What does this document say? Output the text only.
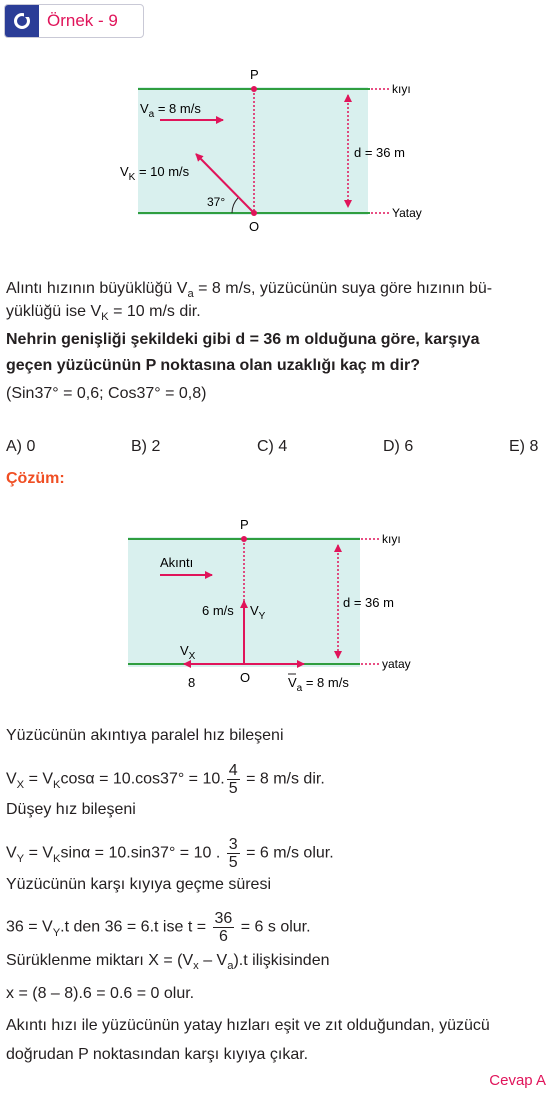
Örnek - 9
kıyı
Yatay
P
O
d = 36 m
$V_a = 8$ m/s
$V_K = 10$ m/s
37°
Alıntı hızının büyüklüğü $V_a = 8$ m/s, yüzücünün suya göre hızının bü-
yüklüğü ise $V_K = 10$ m/s dir.
Nehrin genişliği şekildeki gibi d = 36 m olduğuna göre, karşıya
geçen yüzücünün P noktasına olan uzaklığı kaç m dir?
(Sin37° = 0,6; Cos37° = 0,8)
A) 0	B) 2	C) 4	D) 6	E) 8
Çözüm:
kıyı
yatay
P
O
d = 36 m
Akıntı
6 m/s $V_Y$
$V_X$
8	$V_a = 8$ m/s
Yüzücünün akıntıya paralel hız bileşeni
$V_X = V_K\cos\alpha = 10.\cos 37^\circ = 10$. $\frac{4}{5} = 8$ m/s dir.
Düşey hız bileşeni
$V_Y = V_K\sin\alpha = 10.\sin 37^\circ = 10$ . $\frac{3}{5} = 6$ m/s olur.
Yüzücünün karşı kıyıya geçme süresi
$36 = V_Y.t$ den 36 = 6.t ise $t = \frac{36}{6} = 6$ s olur.
Sürüklenme miktarı $X = (V_x - V_a).t$ ilişkisinden
x = (8 – 8).6 = 0.6 = 0 olur.
Akıntı hızı ile yüzücünün yatay hızları eşit ve zıt olduğundan, yüzücü
doğrudan P noktasından karşı kıyıya çıkar.
Cevap A
